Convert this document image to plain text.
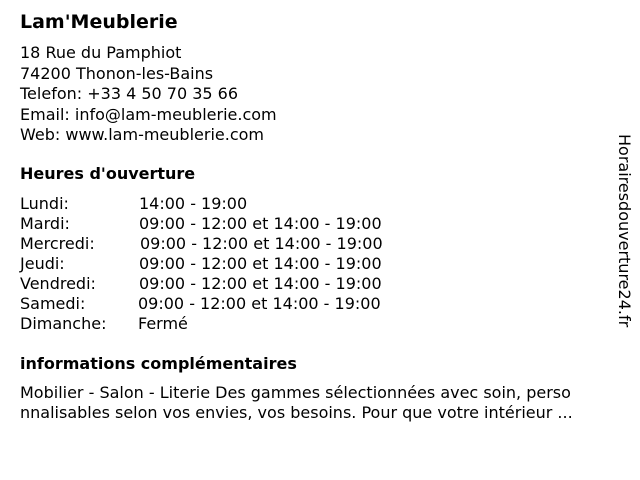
Lam'Meublerie
18 Rue du Pamphiot
74200 Thonon-les-Bains
Telefon: +33 4 50 70 35 66
Email: info@lam-meublerie.com
Web: www.lam-meublerie.com
Heures d'ouverture
Lundi:	14:00 - 19:00
Mardi:	09:00 - 12:00 et 14:00 - 19:00
Mercredi:	09:00 - 12:00 et 14:00 - 19:00
Jeudi:	09:00 - 12:00 et 14:00 - 19:00
Vendredi:	09:00 - 12:00 et 14:00 - 19:00
Samedi:	09:00 - 12:00 et 14:00 - 19:00
Dimanche: Fermé
informations complémentaires
Mobilier - Salon - Literie Des gammes sélectionnées avec soin, perso
nnalisables selon vos envies, vos besoins. Pour que votre intérieur ...
Horairesdouverture24.fr
